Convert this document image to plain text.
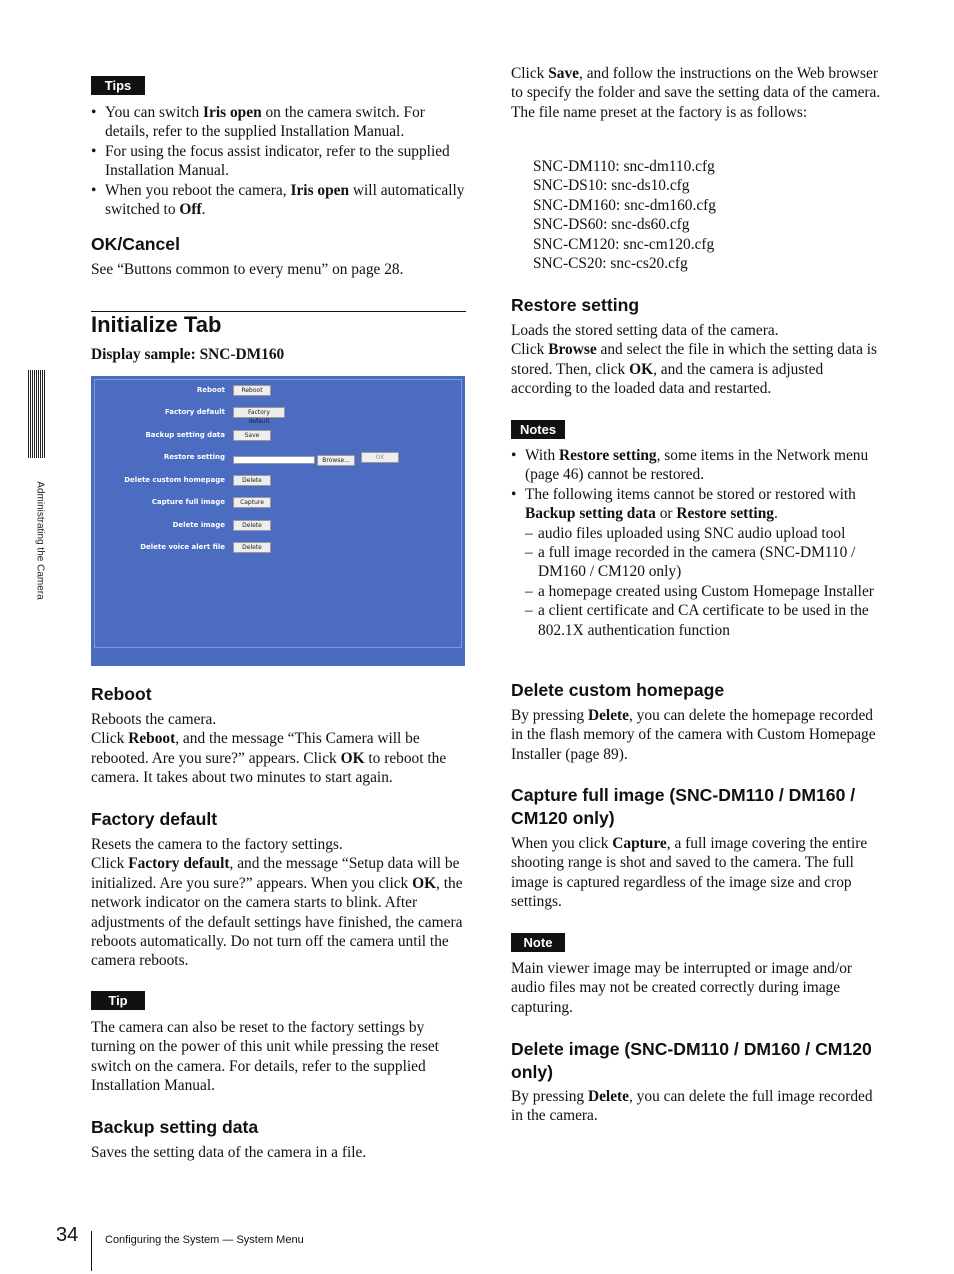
Administrating the Camera
Tips
• You can switch Iris open on the camera switch. For details, refer to the supplied Installation Manual.
• For using the focus assist indicator, refer to the supplied Installation Manual.
• When you reboot the camera, Iris open will automatically switched to Off.
OK/Cancel

See “Buttons common to every menu” on page 28.

Initialize Tab
Display sample: SNC-DM160
Reboot	Reboot
Factory default	Factory default
Backup setting data	Save
Restore setting	Browse...	OK
Delete custom homepage	Delete
Capture full image	Capture
Delete image	Delete
Delete voice alert file	Delete
Reboot

Reboots the camera.

Click Reboot, and the message “This Camera will be rebooted. Are you sure?” appears. Click OK to reboot the camera. It takes about two minutes to start again.

Factory default

Resets the camera to the factory settings.

Click Factory default, and the message “Setup data will be initialized. Are you sure?” appears. When you click OK, the network indicator on the camera starts to blink. After adjustments of the default settings have finished, the camera reboots automatically. Do not turn off the camera until the camera reboots.

Tip

The camera can also be reset to the factory settings by turning on the power of this unit while pressing the reset switch on the camera. For details, refer to the supplied Installation Manual.

Backup setting data

Saves the setting data of the camera in a file.

Click Save, and follow the instructions on the Web browser to specify the folder and save the setting data of the camera.

The file name preset at the factory is as follows:

SNC-DM110: snc-dm110.cfg
SNC-DS10: snc-ds10.cfg
SNC-DM160: snc-dm160.cfg
SNC-DS60: snc-ds60.cfg
SNC-CM120: snc-cm120.cfg
SNC-CS20: snc-cs20.cfg
Restore setting

Loads the stored setting data of the camera.

Click Browse and select the file in which the setting data is stored. Then, click OK, and the camera is adjusted according to the loaded data and restarted.

Notes
• With Restore setting, some items in the Network menu (page 46) cannot be restored.
• The following items cannot be stored or restored with Backup setting data or Restore setting.
– audio files uploaded using SNC audio upload tool
– a full image recorded in the camera (SNC-DM110 / DM160 / CM120 only)
– a homepage created using Custom Homepage Installer
– a client certificate and CA certificate to be used in the 802.1X authentication function
Delete custom homepage

By pressing Delete, you can delete the homepage recorded in the flash memory of the camera with Custom Homepage Installer (page 89).

Capture full image (SNC-DM110 / DM160 / CM120 only)

When you click Capture, a full image covering the entire shooting range is shot and saved to the camera. The full image is captured regardless of the image size and crop settings.

Note

Main viewer image may be interrupted or image and/or audio files may not be created correctly during image capturing.

Delete image (SNC-DM110 / DM160 / CM120 only)

By pressing Delete, you can delete the full image recorded in the camera.

34 Configuring the System — System Menu
